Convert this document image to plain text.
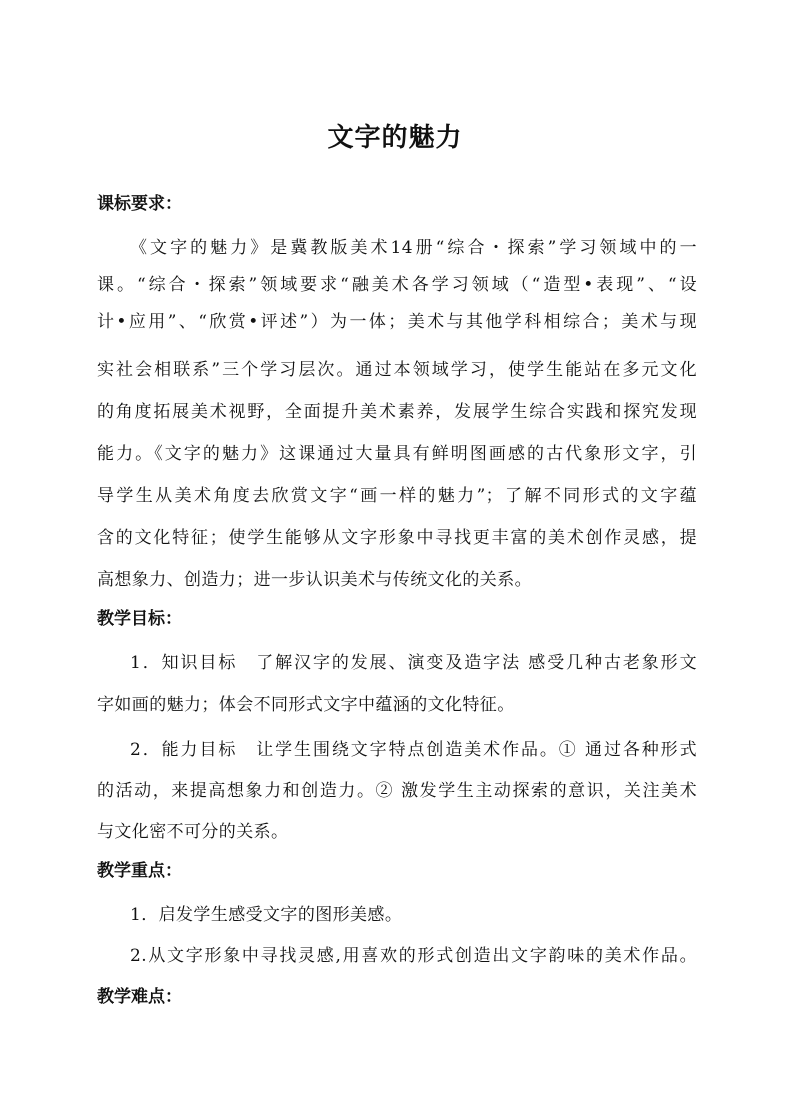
文字的魅力
课标要求：
《文字的魅力》是冀教版美术14册“综合・探索”学习领域中的一
课。“综合・探索”领域要求“融美术各学习领域（“造型•表现”、“设
计•应用”、“欣赏•评述”）为一体；美术与其他学科相综合；美术与现
实社会相联系”三个学习层次。通过本领域学习，使学生能站在多元文化
的角度拓展美术视野，全面提升美术素养，发展学生综合实践和探究发现
能力。《文字的魅力》这课通过大量具有鲜明图画感的古代象形文字，引
导学生从美术角度去欣赏文字“画一样的魅力”；了解不同形式的文字蕴
含的文化特征；使学生能够从文字形象中寻找更丰富的美术创作灵感，提
高想象力、创造力；进一步认识美术与传统文化的关系。
教学目标：
1．知识目标　了解汉字的发展、演变及造字法 感受几种古老象形文
字如画的魅力；体会不同形式文字中蕴涵的文化特征。
2．能力目标　让学生围绕文字特点创造美术作品。① 通过各种形式
的活动，来提高想象力和创造力。② 激发学生主动探索的意识，关注美术
与文化密不可分的关系。
教学重点：
1．启发学生感受文字的图形美感。
2.从文字形象中寻找灵感,用喜欢的形式创造出文字韵味的美术作品。
教学难点：
